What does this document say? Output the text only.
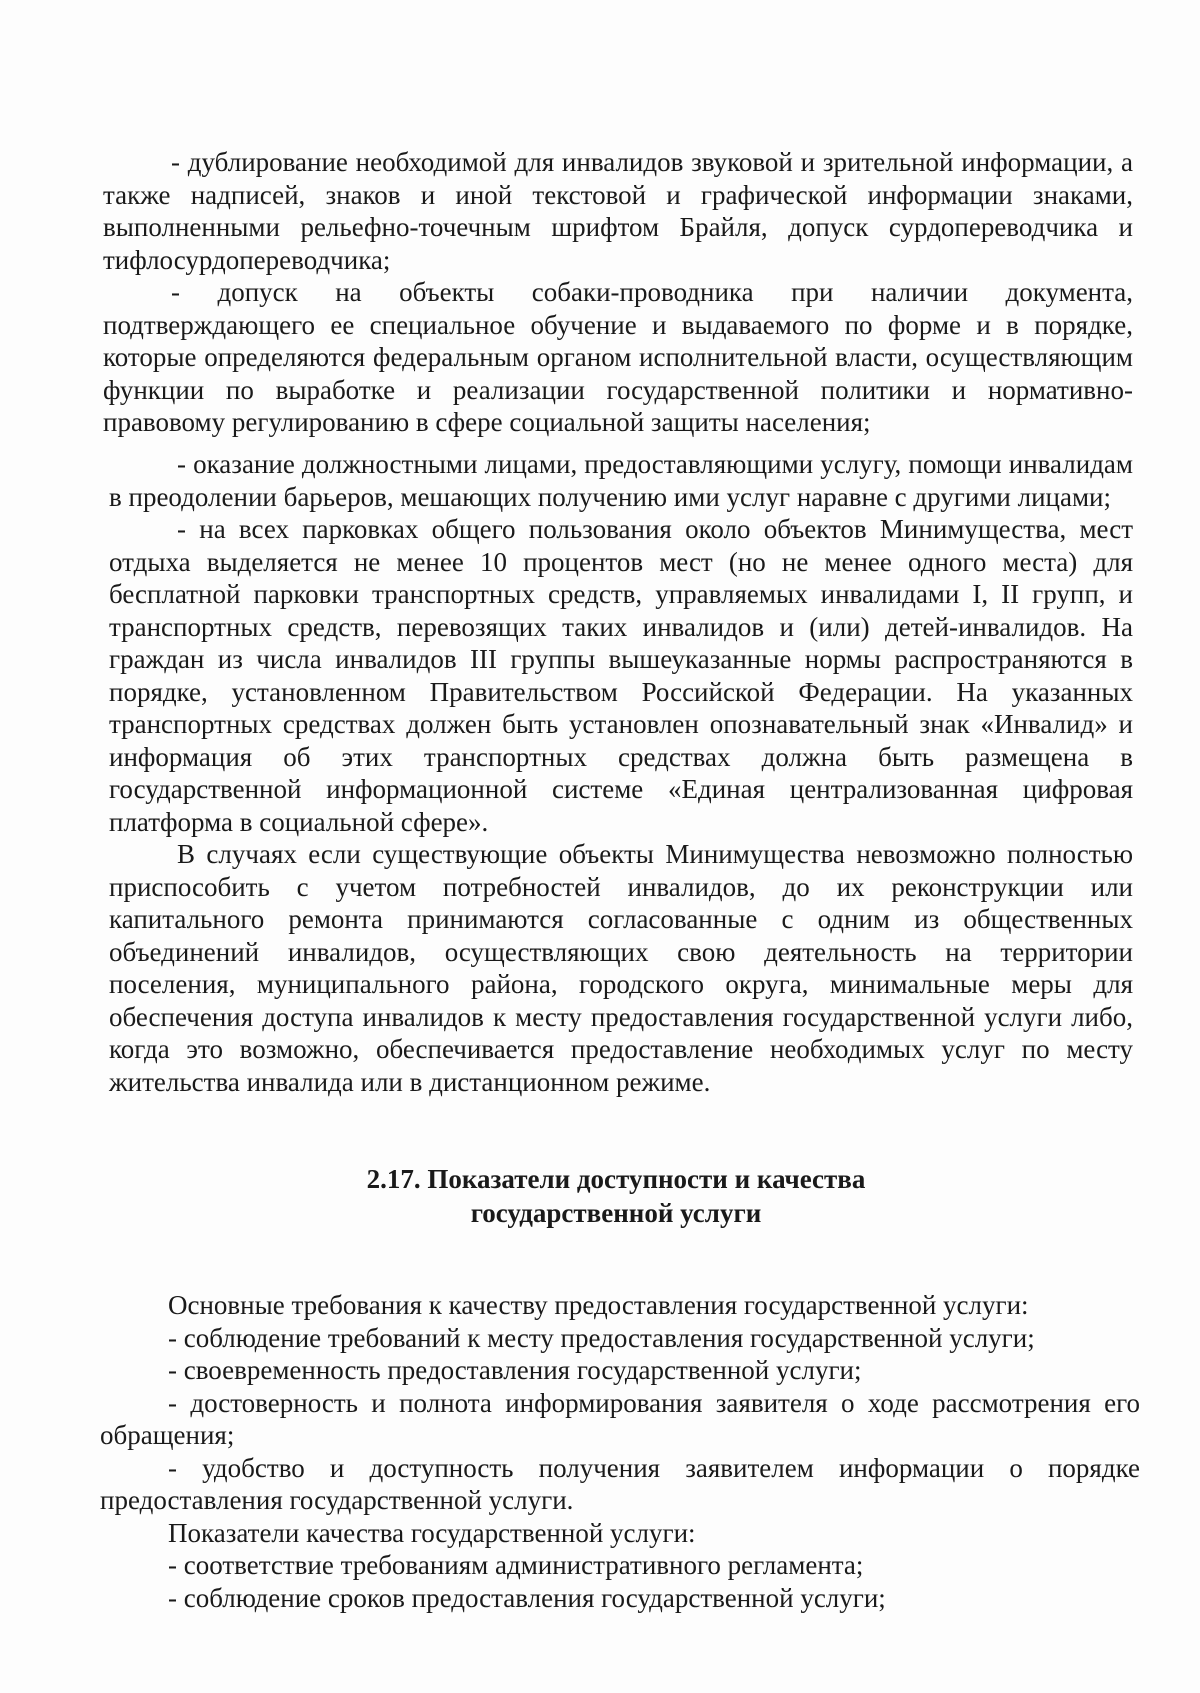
- дублирование необходимой для инвалидов звуковой и зрительной информации, а также надписей, знаков и иной текстовой и графической информации знаками, выполненными рельефно-точечным шрифтом Брайля, допуск сурдопереводчика и тифлосурдопереводчика;

- допуск на объекты собаки-проводника при наличии документа, подтверждающего ее специальное обучение и выдаваемого по форме и в порядке, которые определяются федеральным органом исполнительной власти, осуществляющим функции по выработке и реализации государственной политики и нормативно-правовому регулированию в сфере социальной защиты населения;

- оказание должностными лицами, предоставляющими услугу, помощи инвалидам в преодолении барьеров, мешающих получению ими услуг наравне с другими лицами;

- на всех парковках общего пользования около объектов Минимущества, мест отдыха выделяется не менее 10 процентов мест (но не менее одного места) для бесплатной парковки транспортных средств, управляемых инвалидами I, II групп, и транспортных средств, перевозящих таких инвалидов и (или) детей-инвалидов. На граждан из числа инвалидов III группы вышеуказанные нормы распространяются в порядке, установленном Правительством Российской Федерации. На указанных транспортных средствах должен быть установлен опознавательный знак «Инвалид» и информация об этих транспортных средствах должна быть размещена в государственной информационной системе «Единая централизованная цифровая платформа в социальной сфере».

В случаях если существующие объекты Минимущества невозможно полностью приспособить с учетом потребностей инвалидов, до их реконструкции или капитального ремонта принимаются согласованные с одним из общественных объединений инвалидов, осуществляющих свою деятельность на территории поселения, муниципального района, городского округа, минимальные меры для обеспечения доступа инвалидов к месту предоставления государственной услуги либо, когда это возможно, обеспечивается предоставление необходимых услуг по месту жительства инвалида или в дистанционном режиме.

2.17. Показатели доступности и качества
государственной услуги

Основные требования к качеству предоставления государственной услуги:

- соблюдение требований к месту предоставления государственной услуги;

- своевременность предоставления государственной услуги;

- достоверность и полнота информирования заявителя о ходе рассмотрения его обращения;

- удобство и доступность получения заявителем информации о порядке предоставления государственной услуги.

Показатели качества государственной услуги:

- соответствие требованиям административного регламента;

- соблюдение сроков предоставления государственной услуги;
